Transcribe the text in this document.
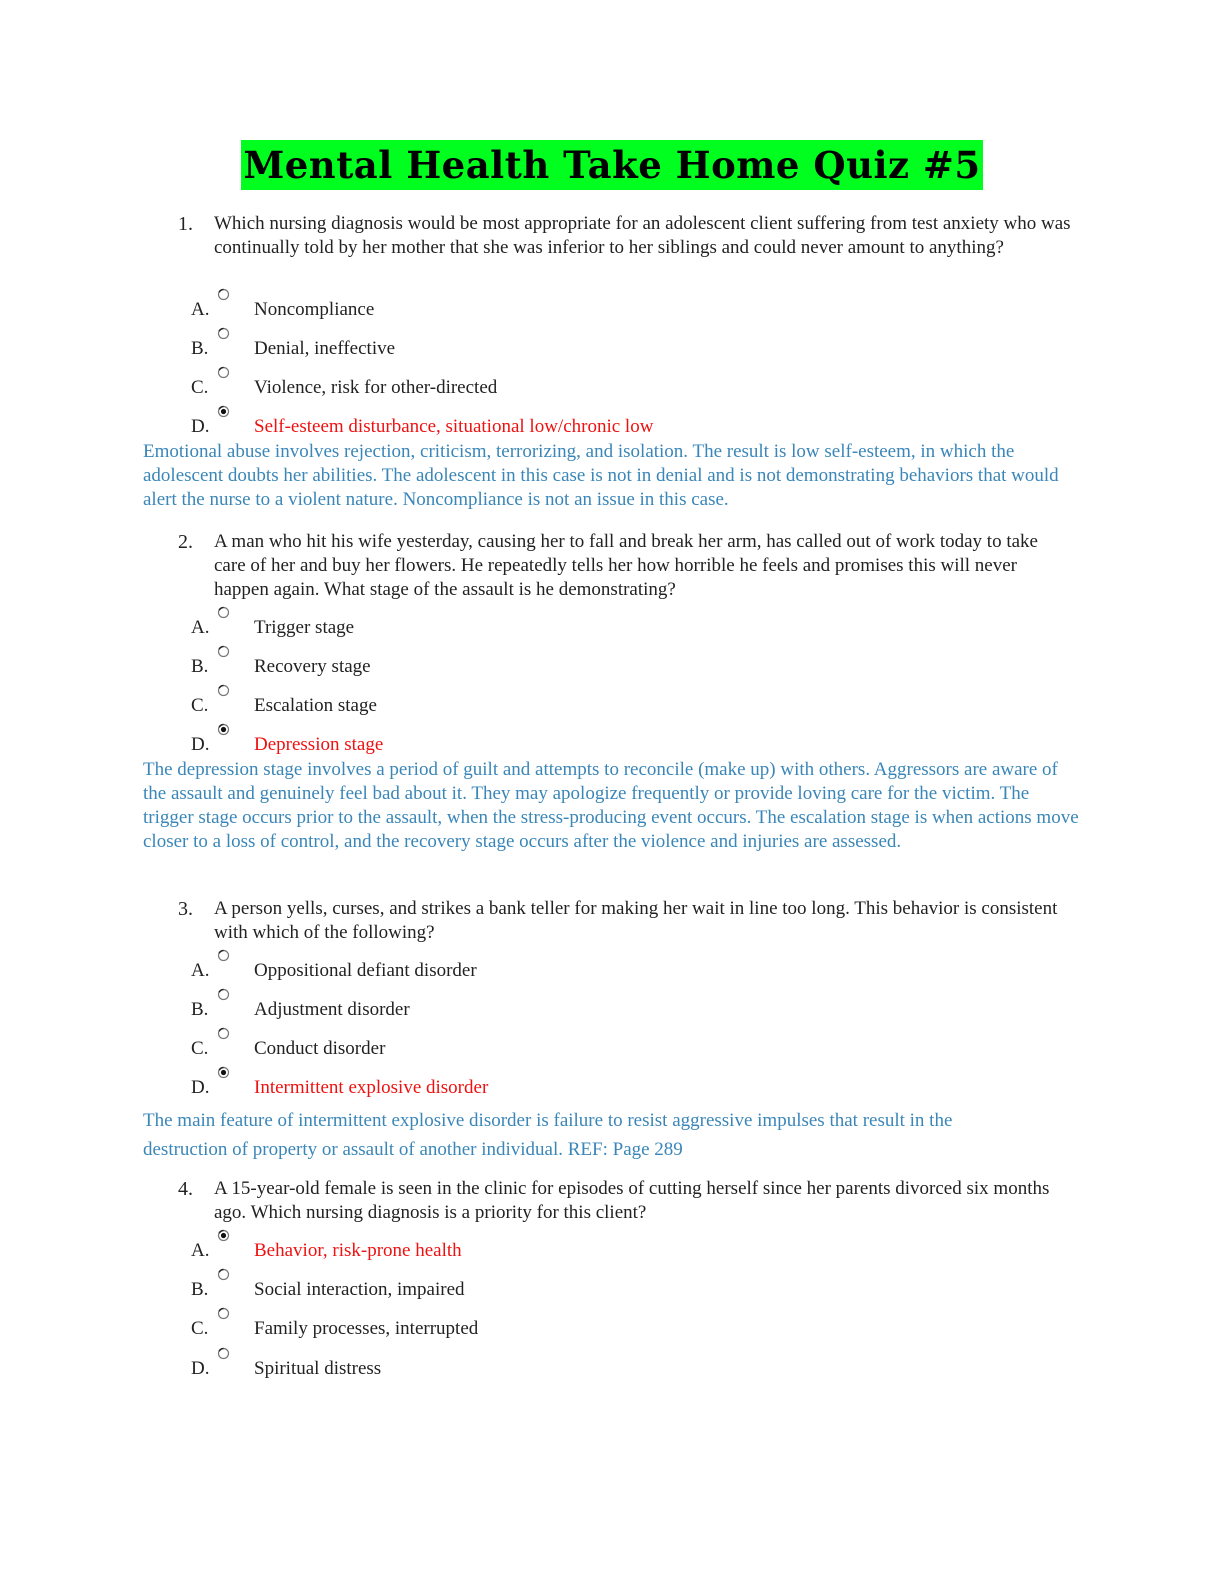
Mental Health Take Home Quiz #5
1. Which nursing diagnosis would be most appropriate for an adolescent client suffering from test anxiety who was continually told by her mother that she was inferior to her siblings and could never amount to anything?
A. Noncompliance
B. Denial, ineffective
C. Violence, risk for other-directed
D. Self-esteem disturbance, situational low/chronic low
Emotional abuse involves rejection, criticism, terrorizing, and isolation. The result is low self-esteem, in which the adolescent doubts her abilities. The adolescent in this case is not in denial and is not demonstrating behaviors that would alert the nurse to a violent nature. Noncompliance is not an issue in this case.
2. A man who hit his wife yesterday, causing her to fall and break her arm, has called out of work today to take care of her and buy her flowers. He repeatedly tells her how horrible he feels and promises this will never happen again. What stage of the assault is he demonstrating?
A. Trigger stage
B. Recovery stage
C. Escalation stage
D. Depression stage
The depression stage involves a period of guilt and attempts to reconcile (make up) with others. Aggressors are aware of the assault and genuinely feel bad about it. They may apologize frequently or provide loving care for the victim. The trigger stage occurs prior to the assault, when the stress-producing event occurs. The escalation stage is when actions move closer to a loss of control, and the recovery stage occurs after the violence and injuries are assessed.
3. A person yells, curses, and strikes a bank teller for making her wait in line too long. This behavior is consistent with which of the following?
A. Oppositional defiant disorder
B. Adjustment disorder
C. Conduct disorder
D. Intermittent explosive disorder
The main feature of intermittent explosive disorder is failure to resist aggressive impulses that result in the
destruction of property or assault of another individual. REF: Page 289
4. A 15-year-old female is seen in the clinic for episodes of cutting herself since her parents divorced six months ago. Which nursing diagnosis is a priority for this client?
A. Behavior, risk-prone health
B. Social interaction, impaired
C. Family processes, interrupted
D. Spiritual distress
